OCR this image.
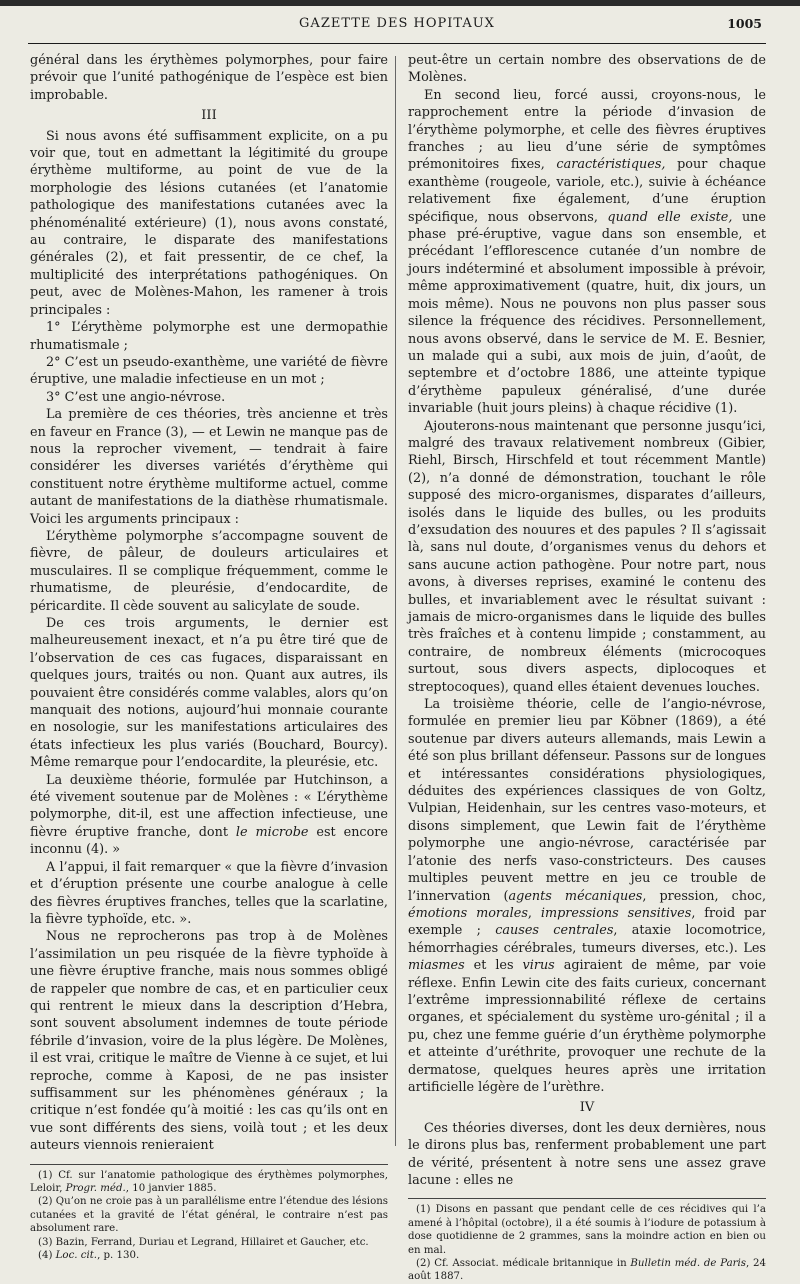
GAZETTE DES HOPITAUX	1005

général dans les érythèmes polymorphes, pour faire prévoir que l’unité pathogénique de l’espèce est bien improbable.

III

Si nous avons été suffisamment explicite, on a pu voir que, tout en admettant la légitimité du groupe érythème multiforme, au point de vue de la morphologie des lésions cutanées (et l’anatomie pathologique des manifestations cutanées avec la phénoménalité extérieure) (1), nous avons constaté, au contraire, le disparate des manifestations générales (2), et fait pressentir, de ce chef, la multiplicité des interprétations pathogéniques. On peut, avec de Molènes-Mahon, les ramener à trois principales :

1° L’érythème polymorphe est une dermopathie rhumatismale ;

2° C’est un pseudo-exanthème, une variété de fièvre éruptive, une maladie infectieuse en un mot ;

3° C’est une angio-névrose.

La première de ces théories, très ancienne et très en faveur en France (3), — et Lewin ne manque pas de nous la reprocher vivement, — tendrait à faire considérer les diverses variétés d’érythème qui constituent notre érythème multiforme actuel, comme autant de manifestations de la diathèse rhumatismale. Voici les arguments principaux :

L’érythème polymorphe s’accompagne souvent de fièvre, de pâleur, de douleurs articulaires et musculaires. Il se complique fréquemment, comme le rhumatisme, de pleurésie, d’endocardite, de péricardite. Il cède souvent au salicylate de soude.

De ces trois arguments, le dernier est malheureusement inexact, et n’a pu être tiré que de l’observation de ces cas fugaces, disparaissant en quelques jours, traités ou non. Quant aux autres, ils pouvaient être considérés comme valables, alors qu’on manquait des notions, aujourd’hui monnaie courante en nosologie, sur les manifestations articulaires des états infectieux les plus variés (Bouchard, Bourcy). Même remarque pour l’endocardite, la pleurésie, etc.

La deuxième théorie, formulée par Hutchinson, a été vivement soutenue par de Molènes : « L’érythème polymorphe, dit-il, est une affection infectieuse, une fièvre éruptive franche, dont le microbe est encore inconnu (4). »

A l’appui, il fait remarquer « que la fièvre d’invasion et d’éruption présente une courbe analogue à celle des fièvres éruptives franches, telles que la scarlatine, la fièvre typhoïde, etc. ».

Nous ne reprocherons pas trop à de Molènes l’assimilation un peu risquée de la fièvre typhoïde à une fièvre éruptive franche, mais nous sommes obligé de rappeler que nombre de cas, et en particulier ceux qui rentrent le mieux dans la description d’Hebra, sont souvent absolument indemnes de toute période fébrile d’invasion, voire de la plus légère. De Molènes, il est vrai, critique le maître de Vienne à ce sujet, et lui reproche, comme à Kaposi, de ne pas insister suffisamment sur les phénomènes généraux ; la critique n’est fondée qu’à moitié : les cas qu’ils ont en vue sont différents des siens, voilà tout ; et les deux auteurs viennois renieraient

(1) Cf. sur l’anatomie pathologique des érythèmes polymorphes, Leloir, Progr. méd., 10 janvier 1885.

(2) Qu’on ne croie pas à un parallélisme entre l’étendue des lésions cutanées et la gravité de l’état général, le contraire n’est pas absolument rare.

(3) Bazin, Ferrand, Duriau et Legrand, Hillairet et Gaucher, etc.

(4) Loc. cit., p. 130.

peut-être un certain nombre des observations de de Molènes.

En second lieu, forcé aussi, croyons-nous, le rapprochement entre la période d’invasion de l’érythème polymorphe, et celle des fièvres éruptives franches ; au lieu d’une série de symptômes prémonitoires fixes, caractéristiques, pour chaque exanthème (rougeole, variole, etc.), suivie à échéance relativement fixe également, d’une éruption spécifique, nous observons, quand elle existe, une phase pré-éruptive, vague dans son ensemble, et précédant l’efflorescence cutanée d’un nombre de jours indéterminé et absolument impossible à prévoir, même approximativement (quatre, huit, dix jours, un mois même). Nous ne pouvons non plus passer sous silence la fréquence des récidives. Personnellement, nous avons observé, dans le service de M. E. Besnier, un malade qui a subi, aux mois de juin, d’août, de septembre et d’octobre 1886, une atteinte typique d’érythème papuleux généralisé, d’une durée invariable (huit jours pleins) à chaque récidive (1).

Ajouterons-nous maintenant que personne jusqu’ici, malgré des travaux relativement nombreux (Gibier, Riehl, Birsch, Hirschfeld et tout récemment Mantle) (2), n’a donné de démonstration, touchant le rôle supposé des micro-organismes, disparates d’ailleurs, isolés dans le liquide des bulles, ou les produits d’exsudation des nouures et des papules ? Il s’agissait là, sans nul doute, d’organismes venus du dehors et sans aucune action pathogène. Pour notre part, nous avons, à diverses reprises, examiné le contenu des bulles, et invariablement avec le résultat suivant : jamais de micro-organismes dans le liquide des bulles très fraîches et à contenu limpide ; constamment, au contraire, de nombreux éléments (microcoques surtout, sous divers aspects, diplocoques et streptocoques), quand elles étaient devenues louches.

La troisième théorie, celle de l’angio-névrose, formulée en premier lieu par Köbner (1869), a été soutenue par divers auteurs allemands, mais Lewin a été son plus brillant défenseur. Passons sur de longues et intéressantes considérations physiologiques, déduites des expériences classiques de von Goltz, Vulpian, Heidenhain, sur les centres vaso-moteurs, et disons simplement, que Lewin fait de l’érythème polymorphe une angio-névrose, caractérisée par l’atonie des nerfs vaso-constricteurs. Des causes multiples peuvent mettre en jeu ce trouble de l’innervation (agents mécaniques, pression, choc, émotions morales, impressions sensitives, froid par exemple ; causes centrales, ataxie locomotrice, hémorrhagies cérébrales, tumeurs diverses, etc.). Les miasmes et les virus agiraient de même, par voie réflexe. Enfin Lewin cite des faits curieux, concernant l’extrême impressionnabilité réflexe de certains organes, et spécialement du système uro-génital ; il a pu, chez une femme guérie d’un érythème polymorphe et atteinte d’uréthrite, provoquer une rechute de la dermatose, quelques heures après une irritation artificielle légère de l’urèthre.

IV

Ces théories diverses, dont les deux dernières, nous le dirons plus bas, renferment probablement une part de vérité, présentent à notre sens une assez grave lacune : elles ne

(1) Disons en passant que pendant celle de ces récidives qui l’a amené à l’hôpital (octobre), il a été soumis à l’iodure de potassium à dose quotidienne de 2 grammes, sans la moindre action en bien ou en mal.

(2) Cf. Associat. médicale britannique in Bulletin méd. de Paris, 24 août 1887.
